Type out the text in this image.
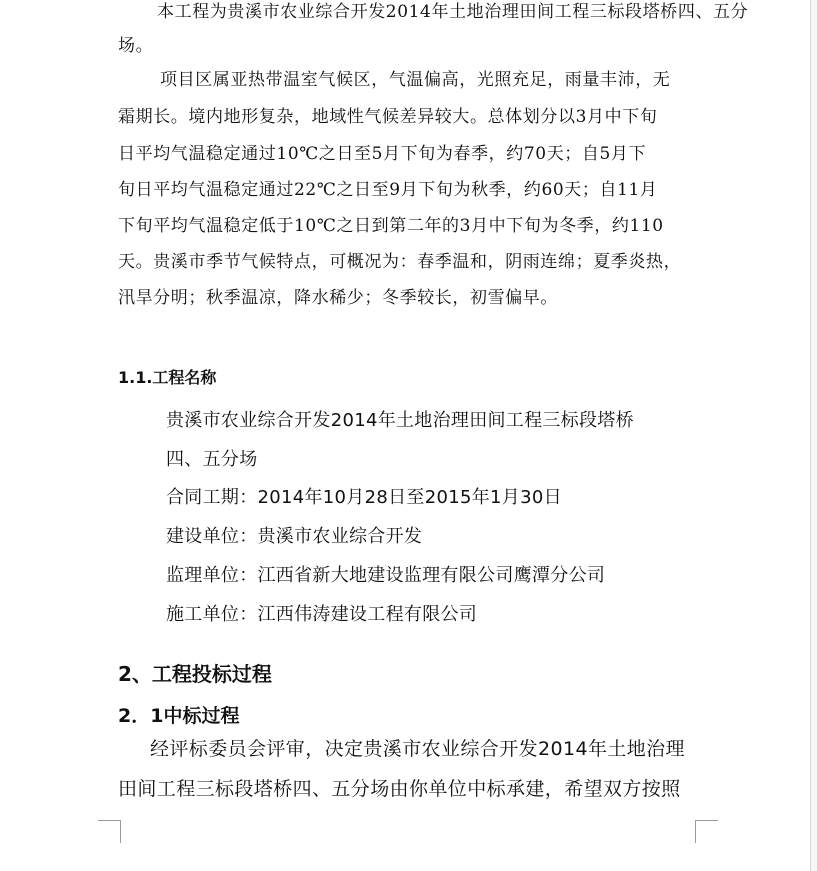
本工程为贵溪市农业综合开发2014年土地治理田间工程三标段塔桥四、五分

场。

项目区属亚热带温室气候区，气温偏高，光照充足，雨量丰沛，无

霜期长。境内地形复杂，地域性气候差异较大。总体划分以3月中下旬

日平均气温稳定通过10℃之日至5月下旬为春季，约70天；自5月下

旬日平均气温稳定通过22℃之日至9月下旬为秋季，约60天；自11月

下旬平均气温稳定低于10℃之日到第二年的3月中下旬为冬季，约110

天。贵溪市季节气候特点，可概况为：春季温和，阴雨连绵；夏季炎热，

汛旱分明；秋季温凉，降水稀少；冬季较长，初雪偏早。

1.1.工程名称

贵溪市农业综合开发2014年土地治理田间工程三标段塔桥

四、五分场

合同工期：2014年10月28日至2015年1月30日

建设单位：贵溪市农业综合开发

监理单位：江西省新大地建设监理有限公司鹰潭分公司

施工单位：江西伟涛建设工程有限公司

2、工程投标过程

2．1中标过程

经评标委员会评审，决定贵溪市农业综合开发2014年土地治理

田间工程三标段塔桥四、五分场由你单位中标承建，希望双方按照
